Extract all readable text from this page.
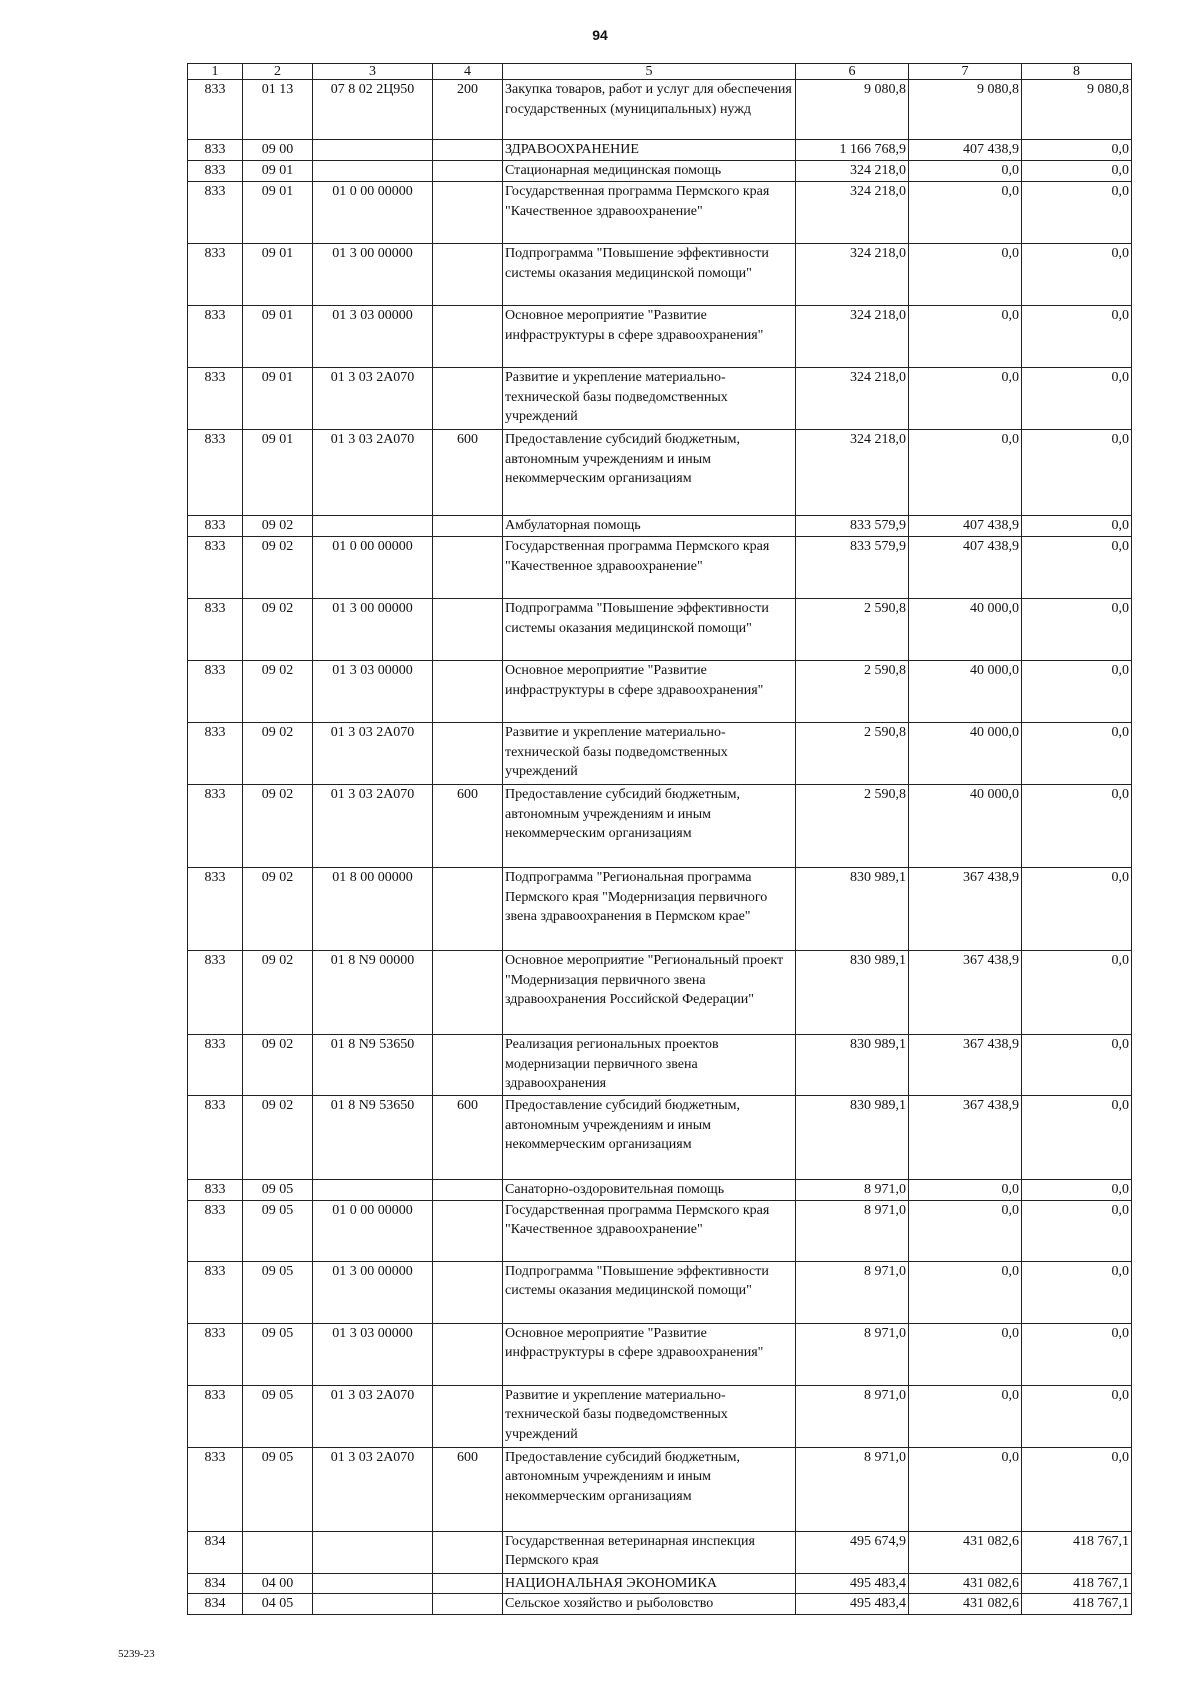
94
1	2	3	4	5	6	7	8
833	01 13	07 8 02 2Ц950	200	Закупка товаров, работ и услуг для обеспечения государственных (муниципальных) нужд	9 080,8	9 080,8	9 080,8
833	09 00			ЗДРАВООХРАНЕНИЕ	1 166 768,9	407 438,9	0,0
833	09 01			Стационарная медицинская помощь	324 218,0	0,0	0,0
833	09 01	01 0 00 00000		Государственная программа Пермского края "Качественное здравоохранение"	324 218,0	0,0	0,0
833	09 01	01 3 00 00000		Подпрограмма "Повышение эффективности системы оказания медицинской помощи"	324 218,0	0,0	0,0
833	09 01	01 3 03 00000		Основное мероприятие "Развитие инфраструктуры в сфере здравоохранения"	324 218,0	0,0	0,0
833	09 01	01 3 03 2А070		Развитие и укрепление материально-технической базы подведомственных учреждений	324 218,0	0,0	0,0
833	09 01	01 3 03 2А070	600	Предоставление субсидий бюджетным, автономным учреждениям и иным некоммерческим организациям	324 218,0	0,0	0,0
833	09 02			Амбулаторная помощь	833 579,9	407 438,9	0,0
833	09 02	01 0 00 00000		Государственная программа Пермского края "Качественное здравоохранение"	833 579,9	407 438,9	0,0
833	09 02	01 3 00 00000		Подпрограмма "Повышение эффективности системы оказания медицинской помощи"	2 590,8	40 000,0	0,0
833	09 02	01 3 03 00000		Основное мероприятие "Развитие инфраструктуры в сфере здравоохранения"	2 590,8	40 000,0	0,0
833	09 02	01 3 03 2А070		Развитие и укрепление материально-технической базы подведомственных учреждений	2 590,8	40 000,0	0,0
833	09 02	01 3 03 2А070	600	Предоставление субсидий бюджетным, автономным учреждениям и иным некоммерческим организациям	2 590,8	40 000,0	0,0
833	09 02	01 8 00 00000		Подпрограмма "Региональная программа Пермского края "Модернизация первичного звена здравоохранения в Пермском крае"	830 989,1	367 438,9	0,0
833	09 02	01 8 N9 00000		Основное мероприятие "Региональный проект "Модернизация первичного звена здравоохранения Российской Федерации"	830 989,1	367 438,9	0,0
833	09 02	01 8 N9 53650		Реализация региональных проектов модернизации первичного звена здравоохранения	830 989,1	367 438,9	0,0
833	09 02	01 8 N9 53650	600	Предоставление субсидий бюджетным, автономным учреждениям и иным некоммерческим организациям	830 989,1	367 438,9	0,0
833	09 05			Санаторно-оздоровительная помощь	8 971,0	0,0	0,0
833	09 05	01 0 00 00000		Государственная программа Пермского края "Качественное здравоохранение"	8 971,0	0,0	0,0
833	09 05	01 3 00 00000		Подпрограмма "Повышение эффективности системы оказания медицинской помощи"	8 971,0	0,0	0,0
833	09 05	01 3 03 00000		Основное мероприятие "Развитие инфраструктуры в сфере здравоохранения"	8 971,0	0,0	0,0
833	09 05	01 3 03 2А070		Развитие и укрепление материально-технической базы подведомственных учреждений	8 971,0	0,0	0,0
833	09 05	01 3 03 2А070	600	Предоставление субсидий бюджетным, автономным учреждениям и иным некоммерческим организациям	8 971,0	0,0	0,0
834				Государственная ветеринарная инспекция Пермского края	495 674,9	431 082,6	418 767,1
834	04 00			НАЦИОНАЛЬНАЯ ЭКОНОМИКА	495 483,4	431 082,6	418 767,1
834	04 05			Сельское хозяйство и рыболовство	495 483,4	431 082,6	418 767,1
5239-23
